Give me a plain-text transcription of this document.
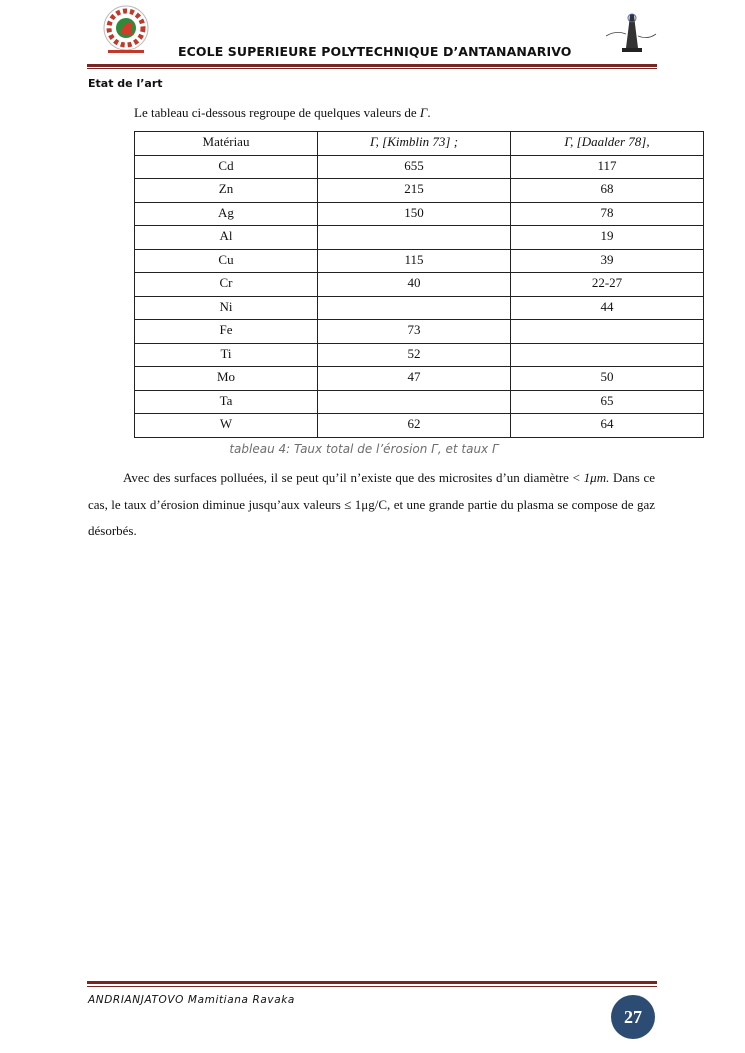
ECOLE SUPERIEURE POLYTECHNIQUE D’ANTANANARIVO
Etat de l’art
Le tableau ci-dessous regroupe de quelques valeurs de Γ.
Matériau	Γ, [Kimblin 73] ;	Γ, [Daalder 78],
Cd	655	117
Zn	215	68
Ag	150	78
Al		19
Cu	115	39
Cr	40	22-27
Ni		44
Fe	73	
Ti	52	
Mo	47	50
Ta		65
W	62	64
tableau 4: Taux total de l’érosion Γ, et taux Γ
Avec des surfaces polluées, il se peut qu’il n’existe que des microsites d’un diamètre < 1μm. Dans ce cas, le taux d’érosion diminue jusqu’aux valeurs ≤ 1μg/C, et une grande partie du plasma se compose de gaz désorbés.
ANDRIANJATOVO Mamitiana Ravaka
27
